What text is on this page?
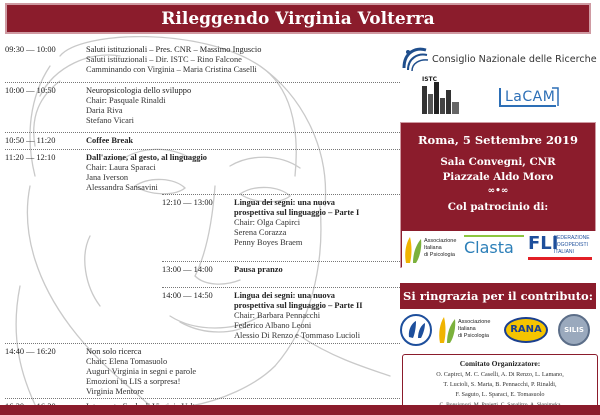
Rileggendo Virginia Volterra
09:30 — 10:00	Saluti istituzionali – Pres. CNR – Massimo Inguscio
Saluti istituzionali – Dir. ISTC – Rino Falcone
Camminando con Virginia – Maria Cristina Caselli
10:00 — 10:50	Neuropsicologia dello sviluppo
Chair: Pasquale Rinaldi
Daria Riva
Stefano Vicari
10:50 — 11:20	Coffee Break
11:20 — 12:10	Dall'azione, al gesto, al linguaggio
Chair: Laura Sparaci
Jana Iverson
Alessandra Sansavini
12:10 — 13:00	Lingua dei segni: una nuova
prospettiva sul linguaggio – Parte I
Chair: Olga Capirci
Serena Corazza
Penny Boyes Braem
13:00 — 14:00	Pausa pranzo
14:00 — 14:50	Lingua dei segni: una nuova
prospettiva sul linguaggio – Parte II
Chair: Barbara Pennacchi
Federico Albano Leoni
Alessio Di Renzo e Tommaso Lucioli
14:40 — 16:20	Non solo ricerca
Chair: Elena Tomasuolo
Auguri Virginia in segni e parole
Emozioni in LIS a sorpresa!
Virginia Mentore
Consiglio Nazionale delle Ricerche
ISTC
LaCAM
Roma, 5 Settembre 2019
Sala Convegni, CNR
Piazzale Aldo Moro
∞•∞
Col patrocinio di:
Associazione
Italiana
di Psicologia Clasta FLI
FEDERAZIONE
LOGOPEDISTI
ITALIANI
Si ringrazia per il contributo:
Associazione
Italiana
di Psicologia
RANA	SILIS
Comitato Organizzatore:
O. Capirci, M. C. Caselli, A. Di Renzo, L. Lamano,
T. Lucioli, S. Marta, B. Pennacchi, P. Rinaldi,
F. Saguto, L. Sparaci, E. Tomasuolo
